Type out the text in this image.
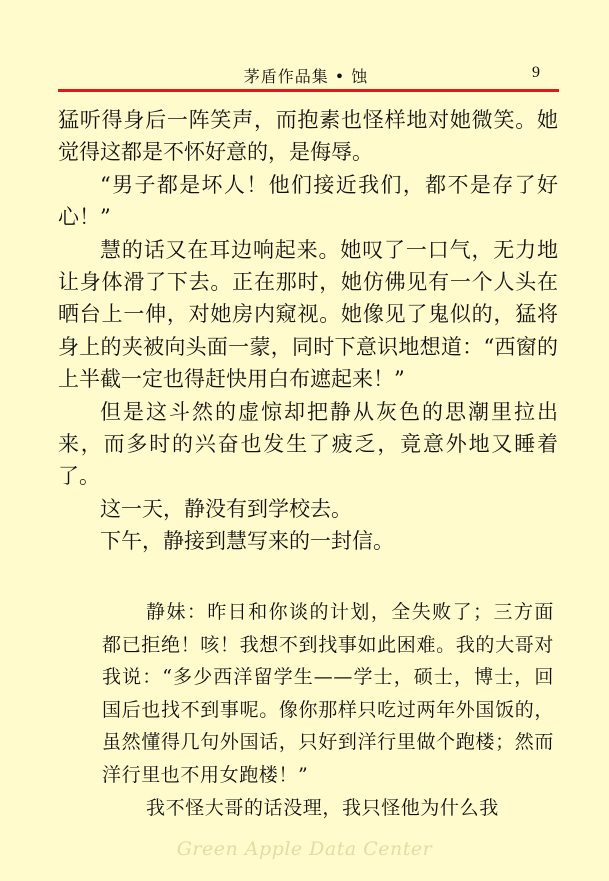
茅盾作品集 • 蚀	9

猛听得身后一阵笑声，而抱素也怪样地对她微笑。她觉得这都是不怀好意的，是侮辱。

“男子都是坏人！他们接近我们，都不是存了好心！”

慧的话又在耳边响起来。她叹了一口气，无力地让身体滑了下去。正在那时，她仿佛见有一个人头在晒台上一伸，对她房内窥视。她像见了鬼似的，猛将身上的夹被向头面一蒙，同时下意识地想道：“西窗的上半截一定也得赶快用白布遮起来！”

但是这斗然的虚惊却把静从灰色的思潮里拉出来，而多时的兴奋也发生了疲乏，竟意外地又睡着了。

这一天，静没有到学校去。

下午，静接到慧写来的一封信。

静妹：昨日和你谈的计划，全失败了；三方面都已拒绝！咳！我想不到找事如此困难。我的大哥对我说：“多少西洋留学生——学士，硕士，博士，回国后也找不到事呢。像你那样只吃过两年外国饭的，虽然懂得几句外国话，只好到洋行里做个跑楼；然而洋行里也不用女跑楼！”

我不怪大哥的话没理，我只怪他为什么我

Green Apple Data Center
